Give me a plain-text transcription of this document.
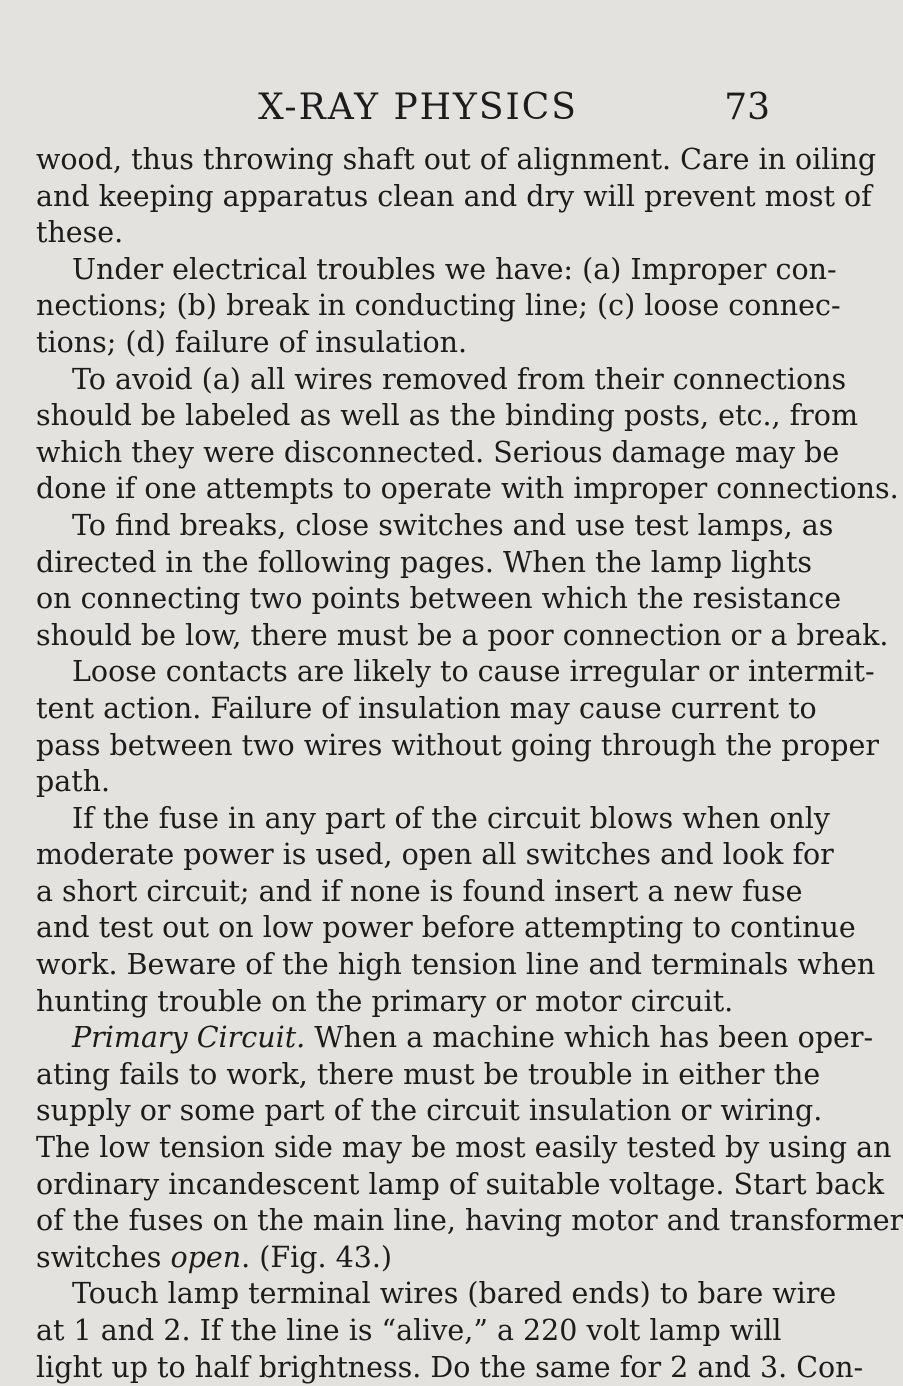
X-RAY PHYSICS	73
wood, thus throwing shaft out of alignment. Care in oiling
and keeping apparatus clean and dry will prevent most of
these.
Under electrical troubles we have: (a) Improper con-
nections; (b) break in conducting line; (c) loose connec-
tions; (d) failure of insulation.
To avoid (a) all wires removed from their connections
should be labeled as well as the binding posts, etc., from
which they were disconnected. Serious damage may be
done if one attempts to operate with improper connections.
To find breaks, close switches and use test lamps, as
directed in the following pages. When the lamp lights
on connecting two points between which the resistance
should be low, there must be a poor connection or a break.
Loose contacts are likely to cause irregular or intermit-
tent action. Failure of insulation may cause current to
pass between two wires without going through the proper
path.
If the fuse in any part of the circuit blows when only
moderate power is used, open all switches and look for
a short circuit; and if none is found insert a new fuse
and test out on low power before attempting to continue
work. Beware of the high tension line and terminals when
hunting trouble on the primary or motor circuit.
Primary Circuit. When a machine which has been oper-
ating fails to work, there must be trouble in either the
supply or some part of the circuit insulation or wiring.
The low tension side may be most easily tested by using an
ordinary incandescent lamp of suitable voltage. Start back
of the fuses on the main line, having motor and transformer
switches open. (Fig. 43.)
Touch lamp terminal wires (bared ends) to bare wire
at 1 and 2. If the line is “alive,” a 220 volt lamp will
light up to half brightness. Do the same for 2 and 3. Con-
